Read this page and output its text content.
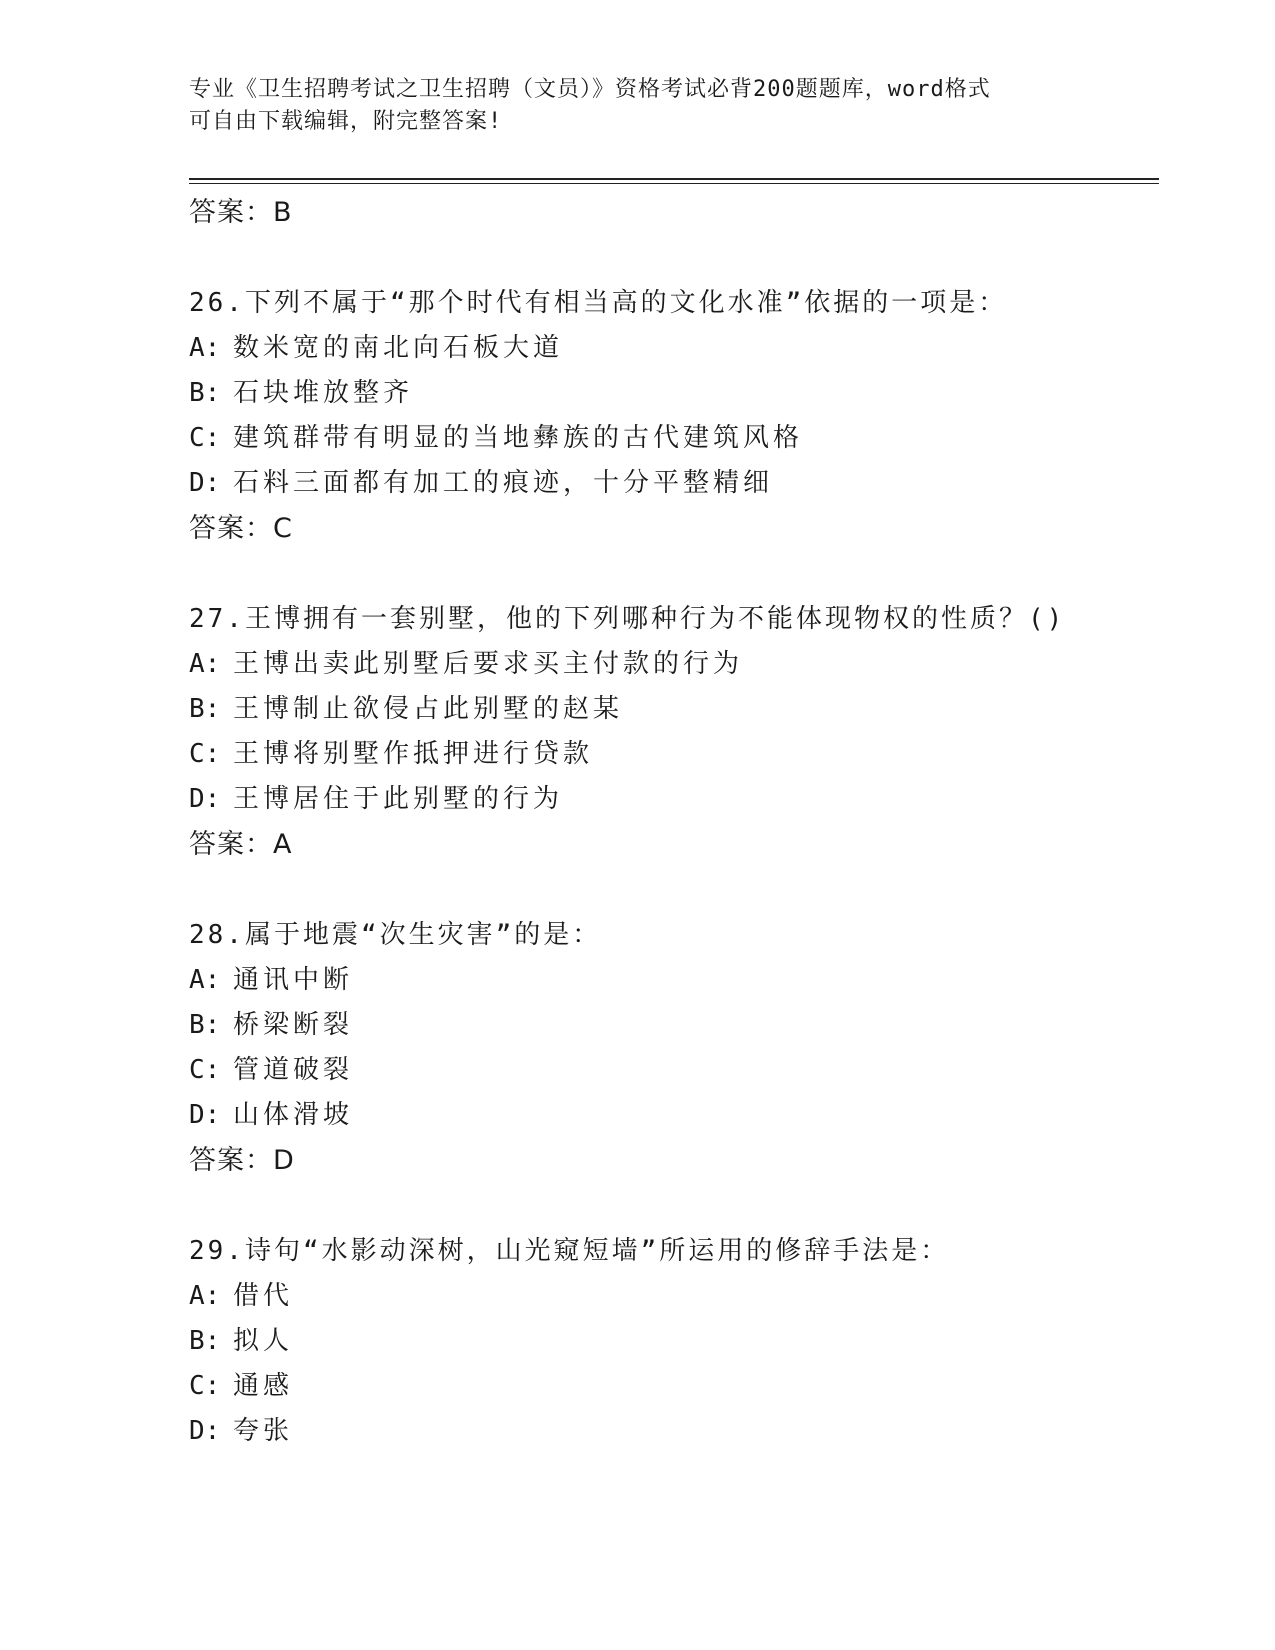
专业《卫生招聘考试之卫生招聘（文员）》资格考试必背200题题库，word格式
可自由下载编辑，附完整答案!
答案：B
26.下列不属于“那个时代有相当高的文化水准”依据的一项是：
A: 数米宽的南北向石板大道
B: 石块堆放整齐
C: 建筑群带有明显的当地彝族的古代建筑风格
D: 石料三面都有加工的痕迹，十分平整精细
答案：C
27.王博拥有一套别墅，他的下列哪种行为不能体现物权的性质？()
A: 王博出卖此别墅后要求买主付款的行为
B: 王博制止欲侵占此别墅的赵某
C: 王博将别墅作抵押进行贷款
D: 王博居住于此别墅的行为
答案：A
28.属于地震“次生灾害”的是：
A: 通讯中断
B: 桥梁断裂
C: 管道破裂
D: 山体滑坡
答案：D
29.诗句“水影动深树，山光窥短墙”所运用的修辞手法是：
A: 借代
B: 拟人
C: 通感
D: 夸张
